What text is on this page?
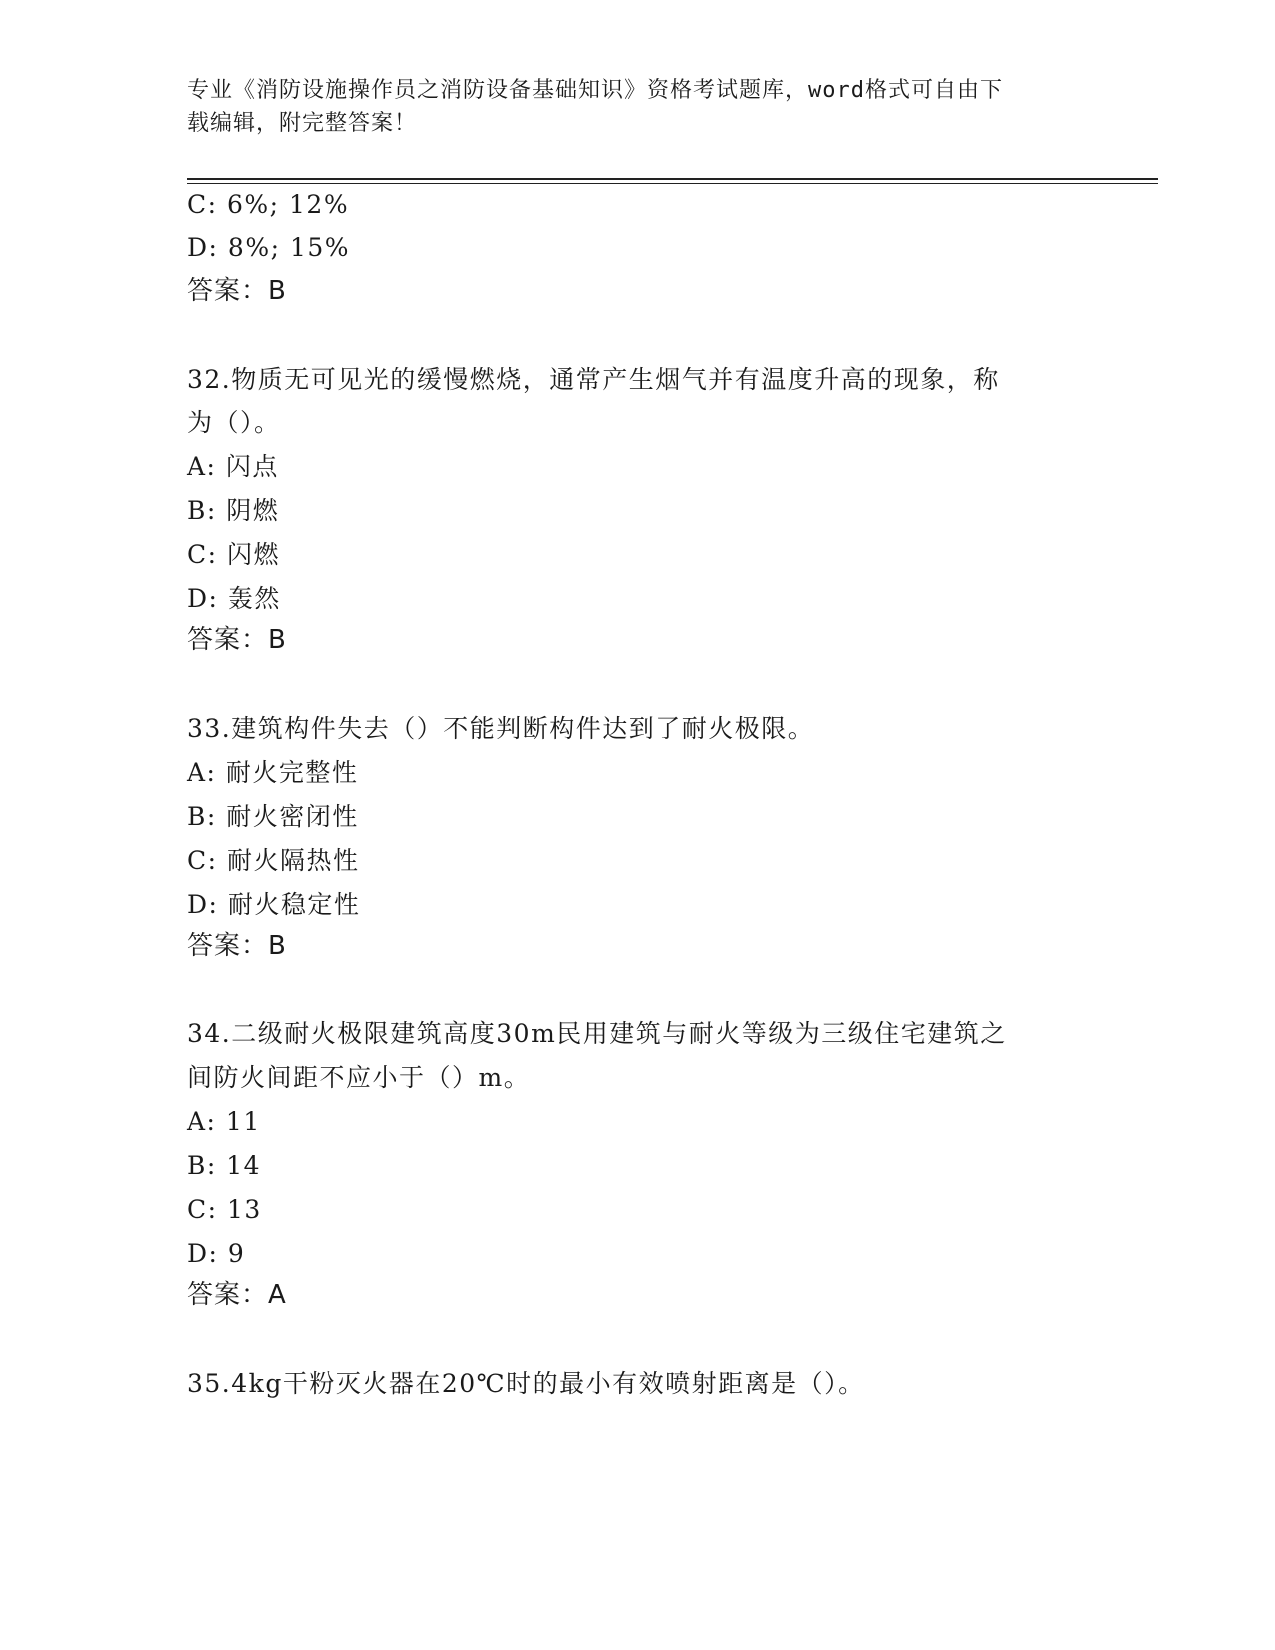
专业《消防设施操作员之消防设备基础知识》资格考试题库，word格式可自由下
载编辑，附完整答案！
C: 6%; 12%
D: 8%; 15%
答案：B
32.物质无可见光的缓慢燃烧，通常产生烟气并有温度升高的现象，称
为（）。
A: 闪点
B: 阴燃
C: 闪燃
D: 轰然
答案：B
33.建筑构件失去（）不能判断构件达到了耐火极限。
A: 耐火完整性
B: 耐火密闭性
C: 耐火隔热性
D: 耐火稳定性
答案：B
34.二级耐火极限建筑高度30m民用建筑与耐火等级为三级住宅建筑之
间防火间距不应小于（）m。
A: 11
B: 14
C: 13
D: 9
答案：A
35.4kg干粉灭火器在20℃时的最小有效喷射距离是（）。
